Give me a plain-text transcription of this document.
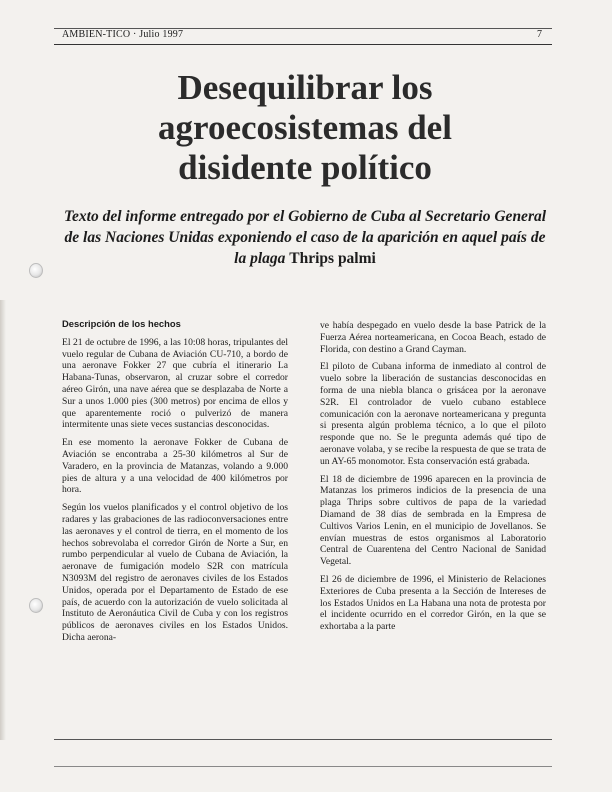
AMBIEN-TICO · Julio 1997	7
Desequilibrar los
agroecosistemas del
disidente político
Texto del informe entregado por el Gobierno de Cuba al Secretario General de las Naciones Unidas exponiendo el caso de la aparición en aquel país de la plaga Thrips palmi

Descripción de los hechos

El 21 de octubre de 1996, a las 10:08 horas, tripulantes del vuelo regular de Cubana de Aviación CU-710, a bordo de una aeronave Fokker 27 que cubría el itinerario La Habana-Tunas, observaron, al cruzar sobre el corredor aéreo Girón, una nave aérea que se desplazaba de Norte a Sur a unos 1.000 pies (300 metros) por encima de ellos y que aparentemente roció o pulverizó de manera intermitente unas siete veces sustancias desconocidas.

En ese momento la aeronave Fokker de Cubana de Aviación se encontraba a 25-30 kilómetros al Sur de Varadero, en la provincia de Matanzas, volando a 9.000 pies de altura y a una velocidad de 400 kilómetros por hora.

Según los vuelos planificados y el control objetivo de los radares y las grabaciones de las radioconversaciones entre las aeronaves y el control de tierra, en el momento de los hechos sobrevolaba el corredor Girón de Norte a Sur, en rumbo perpendicular al vuelo de Cubana de Aviación, la aeronave de fumigación modelo S2R con matrícula N3093M del registro de aeronaves civiles de los Estados Unidos, operada por el Departamento de Estado de ese país, de acuerdo con la autorización de vuelo solicitada al Instituto de Aeronáutica Civil de Cuba y con los registros públicos de aeronaves civiles en los Estados Unidos. Dicha aerona-

ve había despegado en vuelo desde la base Patrick de la Fuerza Aérea norteamericana, en Cocoa Beach, estado de Florida, con destino a Grand Cayman.

El piloto de Cubana informa de inmediato al control de vuelo sobre la liberación de sustancias desconocidas en forma de una niebla blanca o grisácea por la aeronave S2R. El controlador de vuelo cubano establece comunicación con la aeronave norteamericana y pregunta si presenta algún problema técnico, a lo que el piloto responde que no. Se le pregunta además qué tipo de aeronave volaba, y se recibe la respuesta de que se trata de un AY-65 monomotor. Esta conservación está grabada.

El 18 de diciembre de 1996 aparecen en la provincia de Matanzas los primeros indicios de la presencia de una plaga Thrips sobre cultivos de papa de la variedad Diamand de 38 días de sembrada en la Empresa de Cultivos Varios Lenin, en el municipio de Jovellanos. Se envían muestras de estos organismos al Laboratorio Central de Cuarentena del Centro Nacional de Sanidad Vegetal.

El 26 de diciembre de 1996, el Ministerio de Relaciones Exteriores de Cuba presenta a la Sección de Intereses de los Estados Unidos en La Habana una nota de protesta por el incidente ocurrido en el corredor Girón, en la que se exhortaba a la parte
